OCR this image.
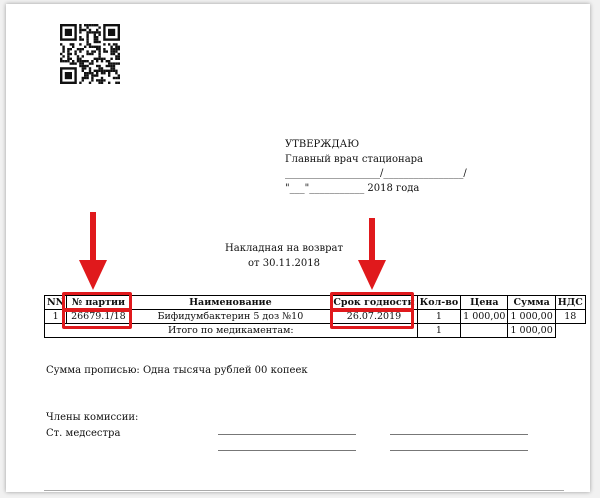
УТВЕРЖДАЮ
Главный врач стационара
___________________/________________/
"___"___________ 2018 года
Накладная на возврат
от 30.11.2018
NN	№ партии	Наименование	Срок годности	Кол-во	Цена	Сумма	НДС
1	26679.1/18	Бифидумбактерин 5 доз №10	26.07.2019	1	1 000,00	1 000,00	18
Итого по медикаментам:				1		1 000,00	
Сумма прописью: Одна тысяча рублей 00 копеек
Члены комиссии:
Ст. медсестра
